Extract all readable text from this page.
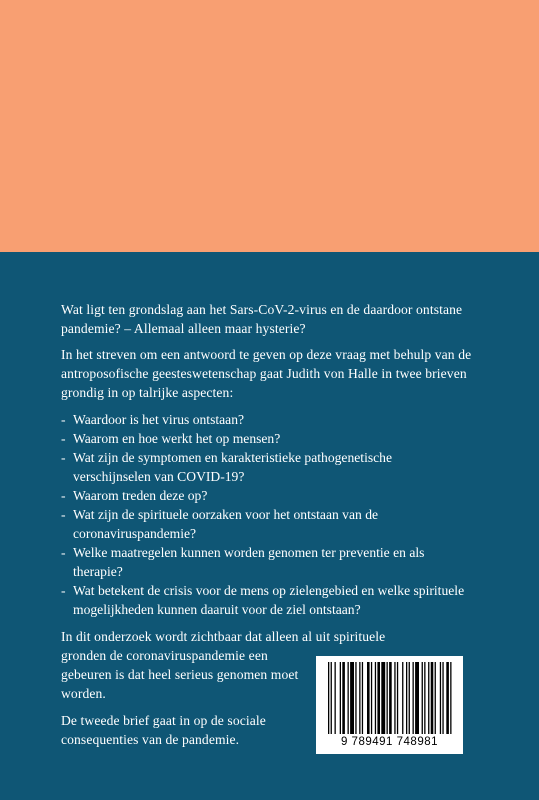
Wat ligt ten grondslag aan het Sars-CoV-2-virus en de daardoor ontstane pandemie? – Allemaal alleen maar hysterie?
In het streven om een antwoord te geven op deze vraag met behulp van de antroposofische geesteswetenschap gaat Judith von Halle in twee brieven grondig in op talrijke aspecten:
- Waardoor is het virus ontstaan?
- Waarom en hoe werkt het op mensen?
- Wat zijn de symptomen en karakteristieke pathogenetische verschijnselen van COVID-19?
- Waarom treden deze op?
- Wat zijn de spirituele oorzaken voor het ontstaan van de coronaviruspandemie?
- Welke maatregelen kunnen worden genomen ter preventie en als therapie?
- Wat betekent de crisis voor de mens op zielengebied en welke spirituele mogelijkheden kunnen daaruit voor de ziel ontstaan?
In dit onderzoek wordt zichtbaar dat alleen al uit spirituele
gronden de coronaviruspandemie een gebeuren is dat heel serieus genomen moet worden.
De tweede brief gaat in op de sociale consequenties van de pandemie.	9 789491 748981
